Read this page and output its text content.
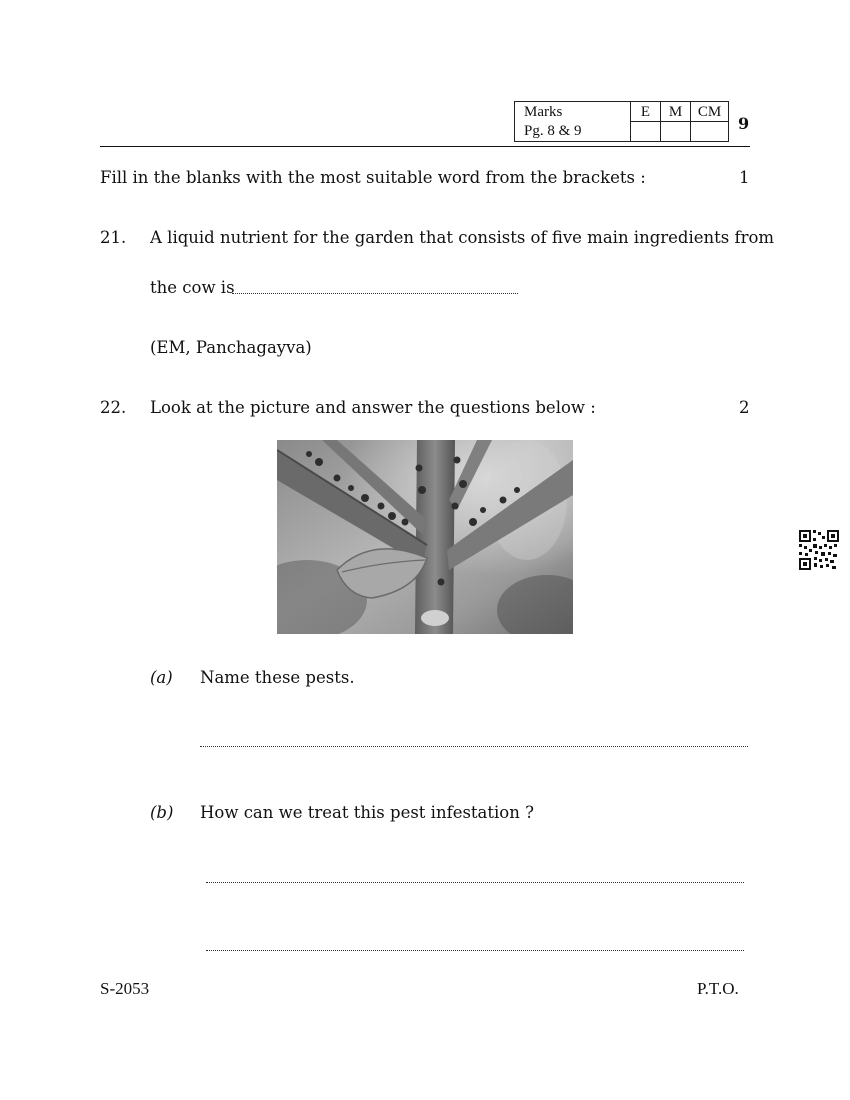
Marks	E	M	CM
Pg. 8 & 9				9
Fill in the blanks with the most suitable word from the brackets :	1
21. A liquid nutrient for the garden that consists of five main ingredients from
the cow is
(EM, Panchagayva)
22. Look at the picture and answer the questions below :	2
(a) Name these pests.
(b) How can we treat this pest infestation ?
S-2053	P.T.O.
